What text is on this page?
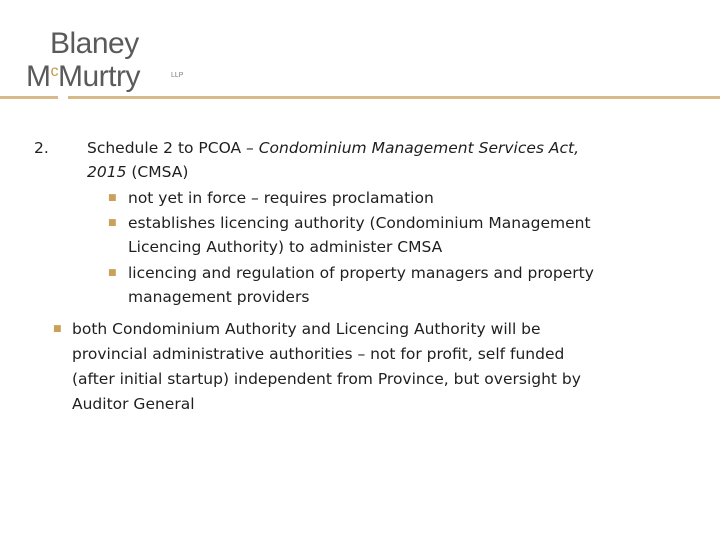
Blaney
$M^cMurtry$	LLP
2. Schedule 2 to PCOA – Condominium Management Services Act,
2015 (CMSA)
■ not yet in force – requires proclamation
■ establishes licencing authority (Condominium Management
Licencing Authority) to administer CMSA
■ licencing and regulation of property managers and property
management providers
■ both Condominium Authority and Licencing Authority will be
provincial administrative authorities – not for profit, self funded
(after initial startup) independent from Province, but oversight by
Auditor General
